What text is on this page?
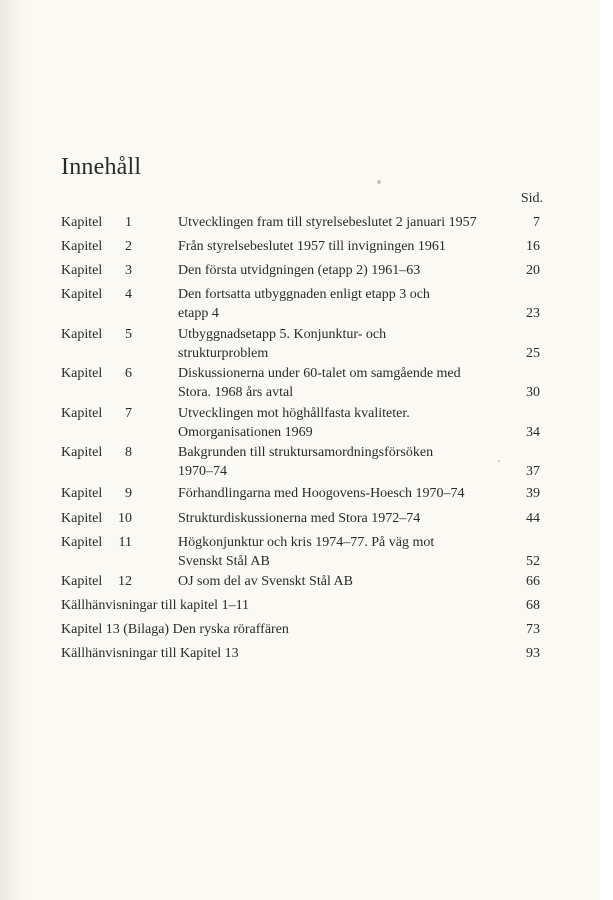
Innehåll
Sid.
Kapitel	1	Utvecklingen fram till styrelsebeslutet 2 januari 1957	7
Kapitel	2	Från styrelsebeslutet 1957 till invigningen 1961	16
Kapitel	3	Den första utvidgningen (etapp 2) 1961–63	20
Kapitel	4	Den fortsatta utbyggnaden enligt etapp 3 och
etapp 4	23
Kapitel	5	Utbyggnadsetapp 5. Konjunktur- och
strukturproblem	25
Kapitel	6	Diskussionerna under 60-talet om samgående med
Stora. 1968 års avtal	30
Kapitel	7	Utvecklingen mot höghållfasta kvaliteter.
Omorganisationen 1969	34
Kapitel	8	Bakgrunden till struktursamordningsförsöken
1970–74	37
Kapitel	9	Förhandlingarna med Hoogovens-Hoesch 1970–74	39
Kapitel	10	Strukturdiskussionerna med Stora 1972–74	44
Kapitel	11	Högkonjunktur och kris 1974–77. På väg mot
Svenskt Stål AB	52
Kapitel	12	OJ som del av Svenskt Stål AB	66
Källhänvisningar till kapitel 1–11	68
Kapitel 13 (Bilaga) Den ryska röraffären	73
Källhänvisningar till Kapitel 13	93
